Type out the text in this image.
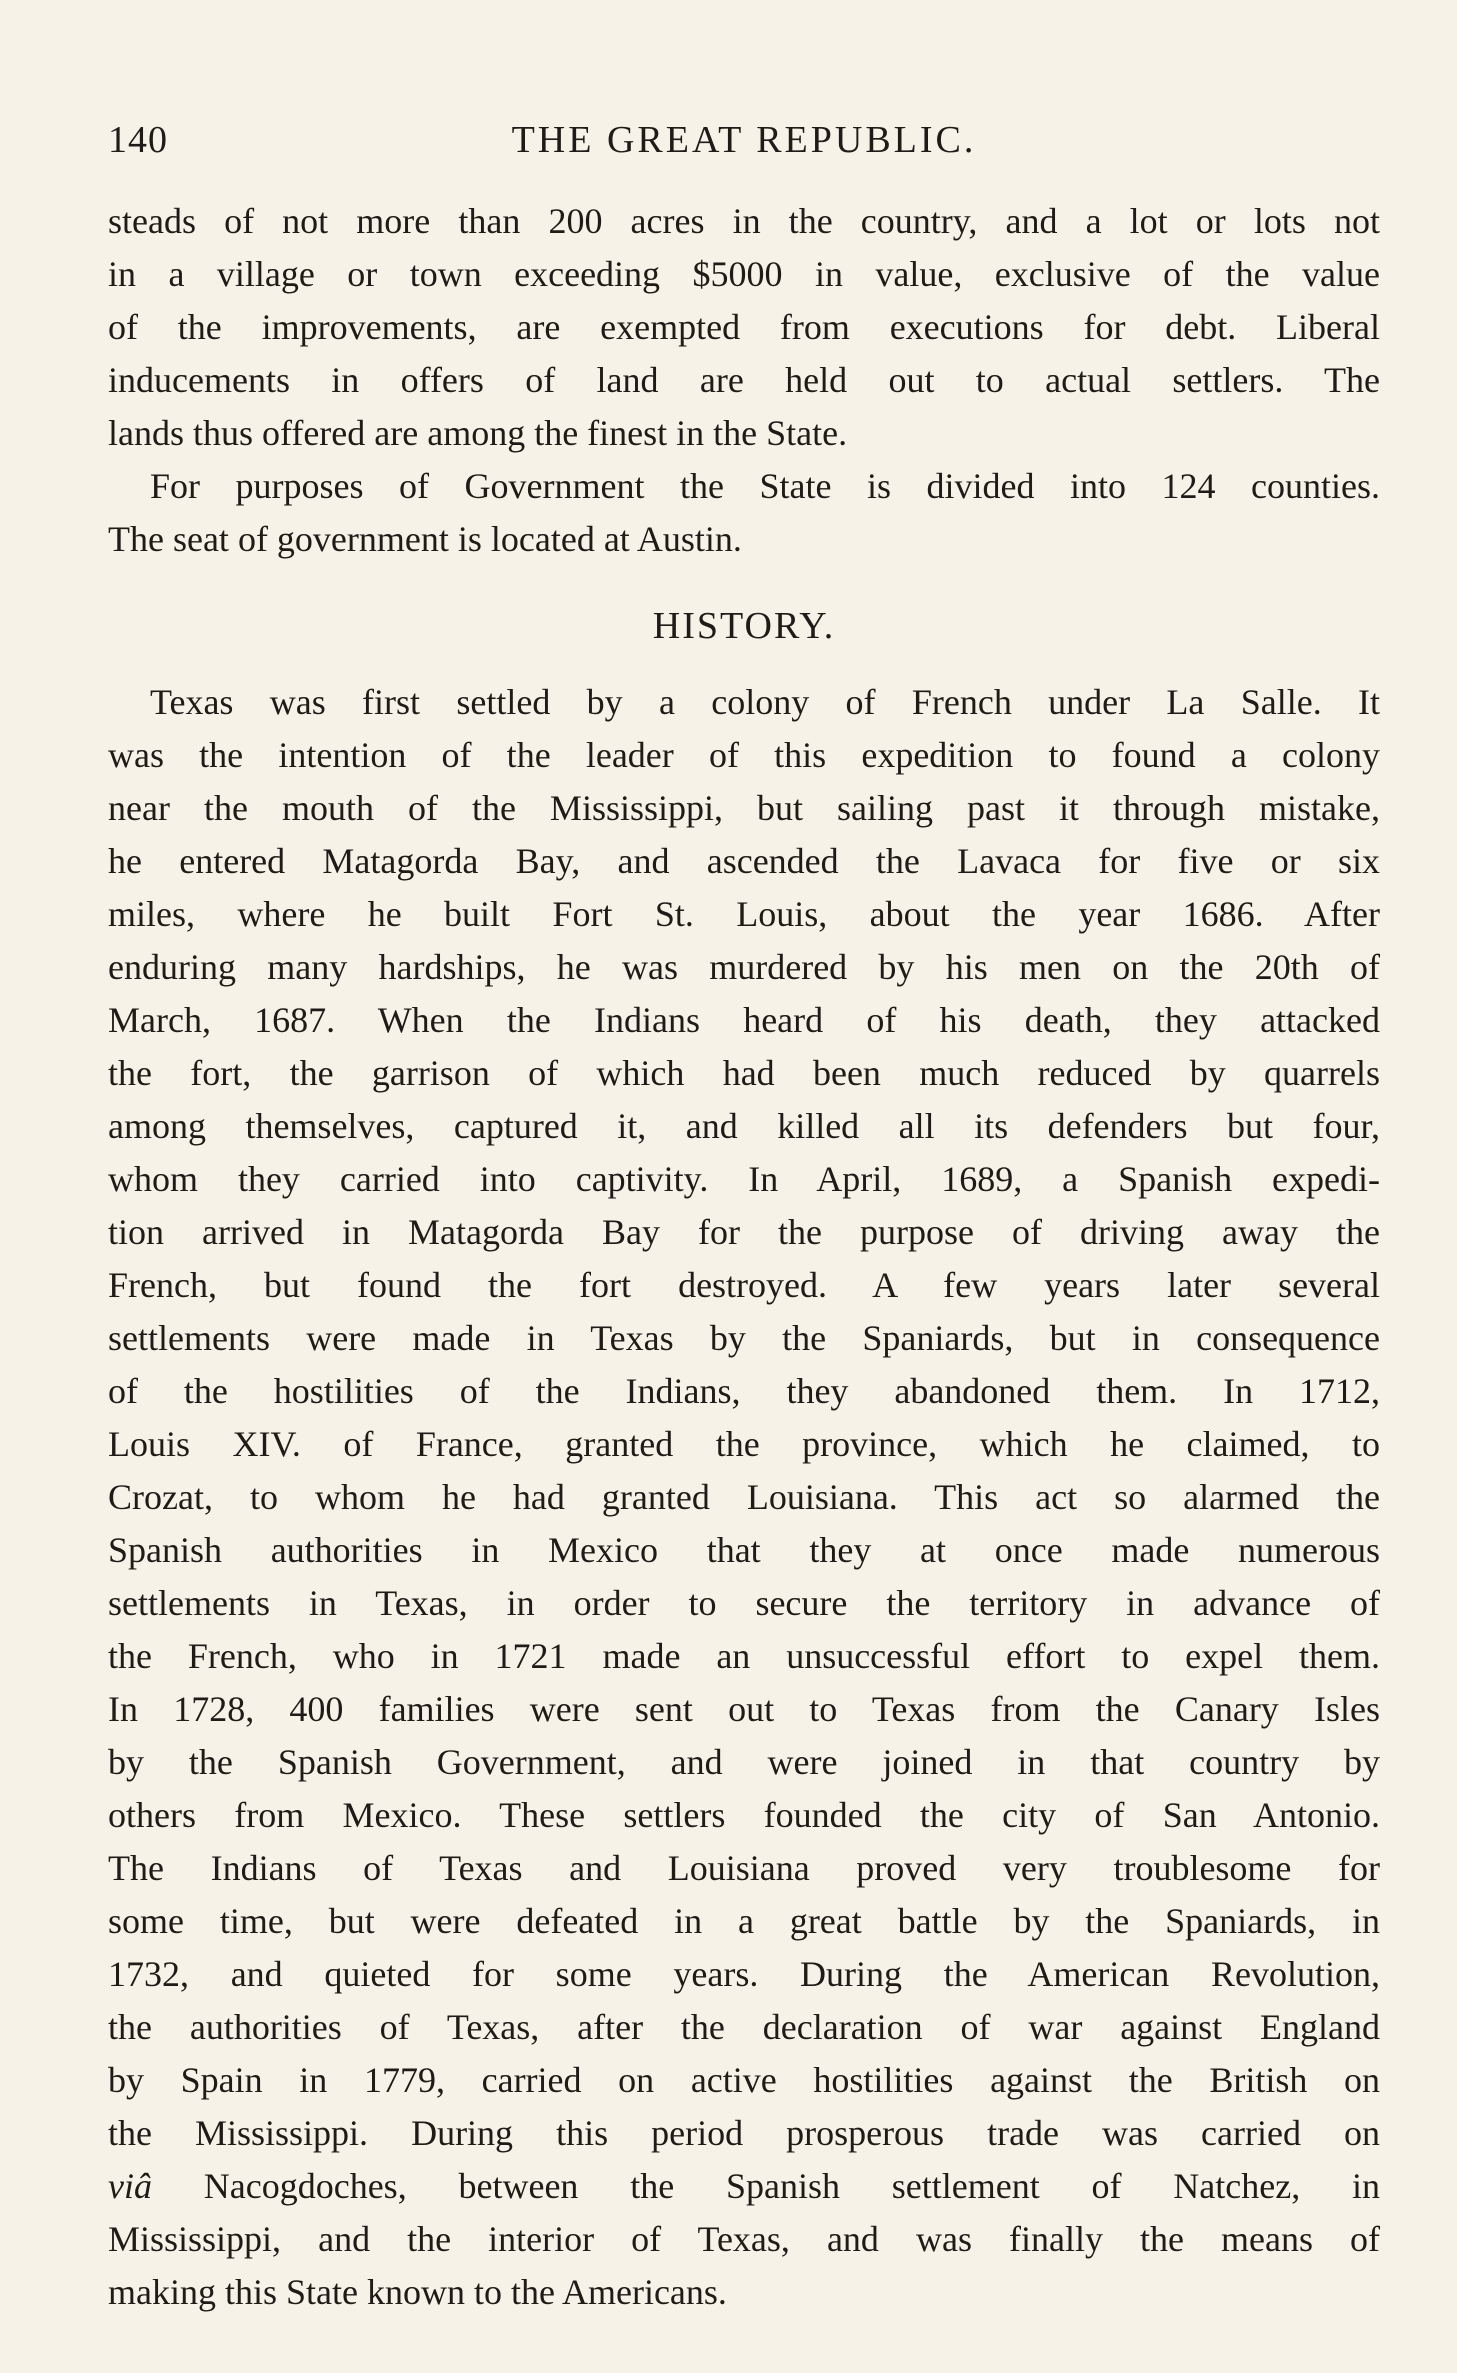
140	THE GREAT REPUBLIC.
steads of not more than 200 acres in the country, and a lot or lots not
in a village or town exceeding $5000 in value, exclusive of the value
of the improvements, are exempted from executions for debt. Liberal
inducements in offers of land are held out to actual settlers. The
lands thus offered are among the finest in the State.
For purposes of Government the State is divided into 124 counties.
The seat of government is located at Austin.
HISTORY.
Texas was first settled by a colony of French under La Salle. It
was the intention of the leader of this expedition to found a colony
near the mouth of the Mississippi, but sailing past it through mistake,
he entered Matagorda Bay, and ascended the Lavaca for five or six
miles, where he built Fort St. Louis, about the year 1686. After
enduring many hardships, he was murdered by his men on the 20th of
March, 1687. When the Indians heard of his death, they attacked
the fort, the garrison of which had been much reduced by quarrels
among themselves, captured it, and killed all its defenders but four,
whom they carried into captivity. In April, 1689, a Spanish expedi-
tion arrived in Matagorda Bay for the purpose of driving away the
French, but found the fort destroyed. A few years later several
settlements were made in Texas by the Spaniards, but in consequence
of the hostilities of the Indians, they abandoned them. In 1712,
Louis XIV. of France, granted the province, which he claimed, to
Crozat, to whom he had granted Louisiana. This act so alarmed the
Spanish authorities in Mexico that they at once made numerous
settlements in Texas, in order to secure the territory in advance of
the French, who in 1721 made an unsuccessful effort to expel them.
In 1728, 400 families were sent out to Texas from the Canary Isles
by the Spanish Government, and were joined in that country by
others from Mexico. These settlers founded the city of San Antonio.
The Indians of Texas and Louisiana proved very troublesome for
some time, but were defeated in a great battle by the Spaniards, in
1732, and quieted for some years. During the American Revolution,
the authorities of Texas, after the declaration of war against England
by Spain in 1779, carried on active hostilities against the British on
the Mississippi. During this period prosperous trade was carried on
viâ Nacogdoches, between the Spanish settlement of Natchez, in
Mississippi, and the interior of Texas, and was finally the means of
making this State known to the Americans.
